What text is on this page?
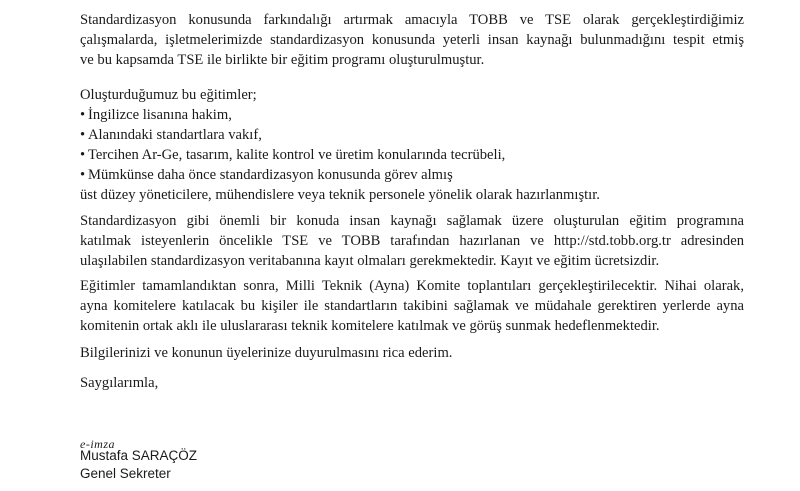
Standardizasyon konusunda farkındalığı artırmak amacıyla TOBB ve TSE olarak gerçekleştirdiğimiz
çalışmalarda, işletmelerimizde standardizasyon konusunda yeterli insan kaynağı bulunmadığını tespit etmiş
ve bu kapsamda TSE ile birlikte bir eğitim programı oluşturulmuştur.
Oluşturduğumuz bu eğitimler;
• İngilizce lisanına hakim,
• Alanındaki standartlara vakıf,
• Tercihen Ar-Ge, tasarım, kalite kontrol ve üretim konularında tecrübeli,
• Mümkünse daha önce standardizasyon konusunda görev almış
üst düzey yöneticilere, mühendislere veya teknik personele yönelik olarak hazırlanmıştır.
Standardizasyon gibi önemli bir konuda insan kaynağı sağlamak üzere oluşturulan eğitim programına
katılmak isteyenlerin öncelikle TSE ve TOBB tarafından hazırlanan ve http://std.tobb.org.tr adresinden
ulaşılabilen standardizasyon veritabanına kayıt olmaları gerekmektedir. Kayıt ve eğitim ücretsizdir.
Eğitimler tamamlandıktan sonra, Milli Teknik (Ayna) Komite toplantıları gerçekleştirilecektir. Nihai olarak,
ayna komitelere katılacak bu kişiler ile standartların takibini sağlamak ve müdahale gerektiren yerlerde ayna
komitenin ortak aklı ile uluslararası teknik komitelere katılmak ve görüş sunmak hedeflenmektedir.
Bilgilerinizi ve konunun üyelerinize duyurulmasını rica ederim.
Saygılarımla,
e-imza
Mustafa SARAÇÖZ
Genel Sekreter
